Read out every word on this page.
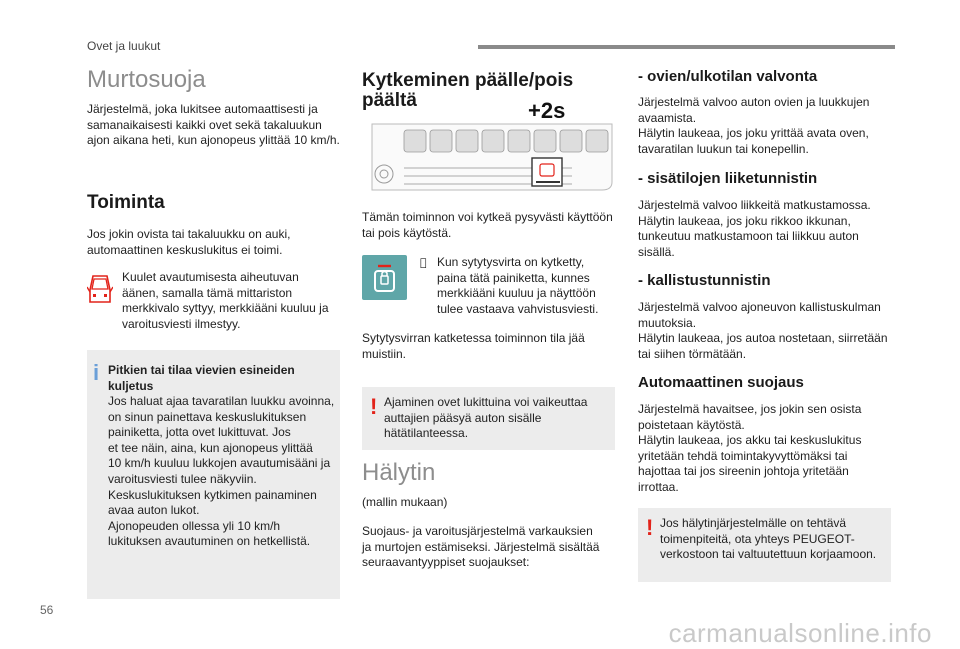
Ovet ja luukut
Murtosuoja

Järjestelmä, joka lukitsee automaattisesti ja
samanaikaisesti kaikki ovet sekä takaluukun
ajon aikana heti, kun ajonopeus ylittää 10 km/h.

Toiminta

Jos jokin ovista tai takaluukku on auki,
automaattinen keskuslukitus ei toimi.

Kuulet avautumisesta aiheutuvan
äänen, samalla tämä mittariston
merkkivalo syttyy, merkkiääni kuuluu ja
varoitusviesti ilmestyy.

i Pitkien tai tilaa vievien esineiden
kuljetus
Jos haluat ajaa tavaratilan luukku avoinna,
on sinun painettava keskuslukituksen
painiketta, jotta ovet lukittuvat. Jos
et tee näin, aina, kun ajonopeus ylittää
10 km/h kuuluu lukkojen avautumisääni ja
varoitusviesti tulee näkyviin.
Keskuslukituksen kytkimen painaminen
avaa auton lukot.
Ajonopeuden ollessa yli 10 km/h
lukituksen avautuminen on hetkellistä.
Kytkeminen päälle/pois
päältä	+2s

Tämän toiminnon voi kytkeä pysyvästi käyttöön
tai pois käytöstä.

Kun sytytysvirta on kytketty,
paina tätä painiketta, kunnes
merkkiääni kuuluu ja näyttöön
tulee vastaava vahvistusviesti.

Sytytysvirran katketessa toiminnon tila jää
muistiin.

! Ajaminen ovet lukittuina voi vaikeuttaa
auttajien pääsyä auton sisälle
hätätilanteessa.
Hälytin

(mallin mukaan)

Suojaus- ja varoitusjärjestelmä varkauksien
ja murtojen estämiseksi. Järjestelmä sisältää
seuraavantyyppiset suojaukset:

- ovien/ulkotilan valvonta

Järjestelmä valvoo auton ovien ja luukkujen
avaamista.
Hälytin laukeaa, jos joku yrittää avata oven,
tavaratilan luukun tai konepellin.

- sisätilojen liiketunnistin

Järjestelmä valvoo liikkeitä matkustamossa.
Hälytin laukeaa, jos joku rikkoo ikkunan,
tunkeutuu matkustamoon tai liikkuu auton
sisällä.

- kallistustunnistin

Järjestelmä valvoo ajoneuvon kallistuskulman
muutoksia.
Hälytin laukeaa, jos autoa nostetaan, siirretään
tai siihen törmätään.

Automaattinen suojaus

Järjestelmä havaitsee, jos jokin sen osista
poistetaan käytöstä.
Hälytin laukeaa, jos akku tai keskuslukitus
yritetään tehdä toimintakyvyttömäksi tai
hajottaa tai jos sireenin johtoja yritetään
irrottaa.

! Jos hälytinjärjestelmälle on tehtävä
toimenpiteitä, ota yhteys PEUGEOT-
verkostoon tai valtuutettuun korjaamoon.
56
carmanualsonline.info
